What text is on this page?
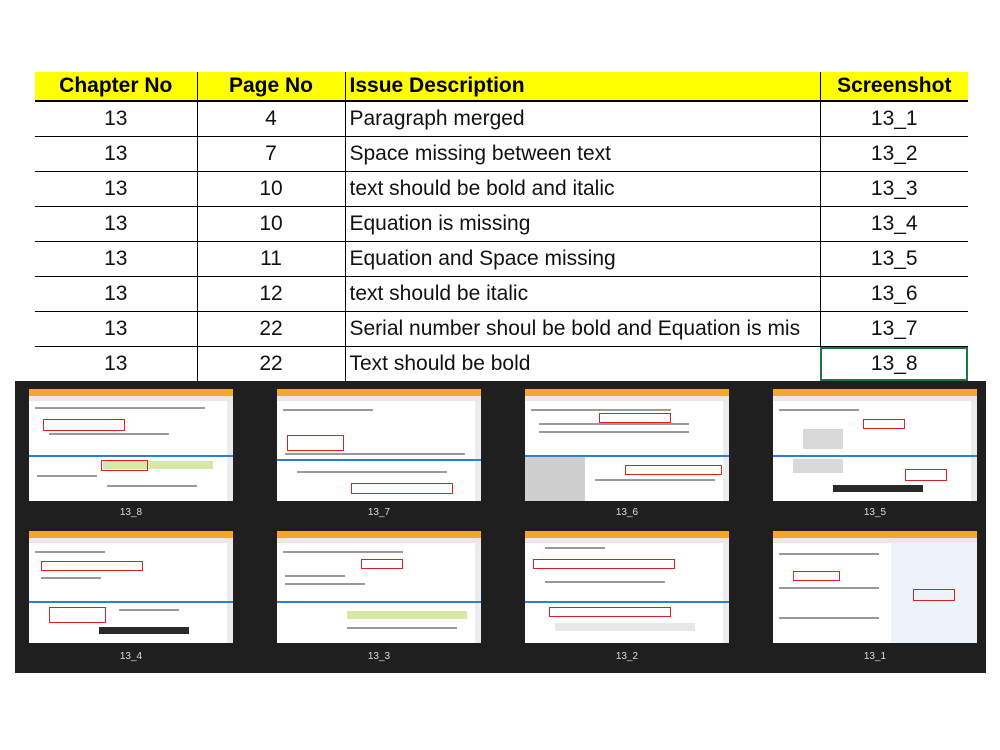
Chapter No	Page No	Issue Description	Screenshot
13	4	Paragraph merged	13_1
13	7	Space missing between text	13_2
13	10	text should be bold and italic	13_3
13	10	Equation is missing	13_4
13	11	Equation and Space missing	13_5
13	12	text should be italic	13_6
13	22	Serial number shoul be bold and Equation is mis	13_7
13	22	Text should be bold	13_8
13_8	13_7	13_6	13_5
13_4	13_3	13_2	13_1
